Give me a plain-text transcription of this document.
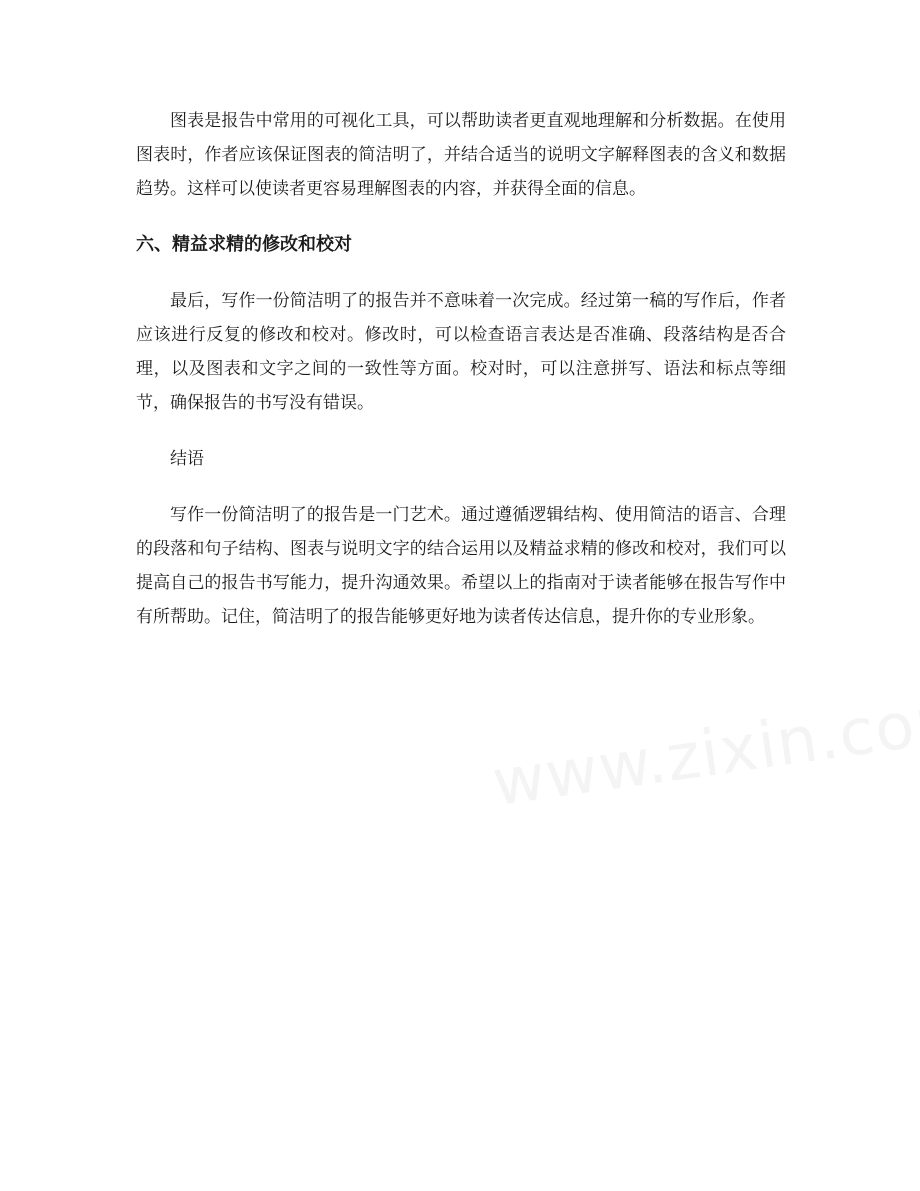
图表是报告中常用的可视化工具，可以帮助读者更直观地理解和分析数据。在使用图表时，作者应该保证图表的简洁明了，并结合适当的说明文字解释图表的含义和数据趋势。这样可以使读者更容易理解图表的内容，并获得全面的信息。

六、精益求精的修改和校对

最后，写作一份简洁明了的报告并不意味着一次完成。经过第一稿的写作后，作者应该进行反复的修改和校对。修改时，可以检查语言表达是否准确、段落结构是否合理，以及图表和文字之间的一致性等方面。校对时，可以注意拼写、语法和标点等细节，确保报告的书写没有错误。

结语

写作一份简洁明了的报告是一门艺术。通过遵循逻辑结构、使用简洁的语言、合理的段落和句子结构、图表与说明文字的结合运用以及精益求精的修改和校对，我们可以提高自己的报告书写能力，提升沟通效果。希望以上的指南对于读者能够在报告写作中有所帮助。记住，简洁明了的报告能够更好地为读者传达信息，提升你的专业形象。
